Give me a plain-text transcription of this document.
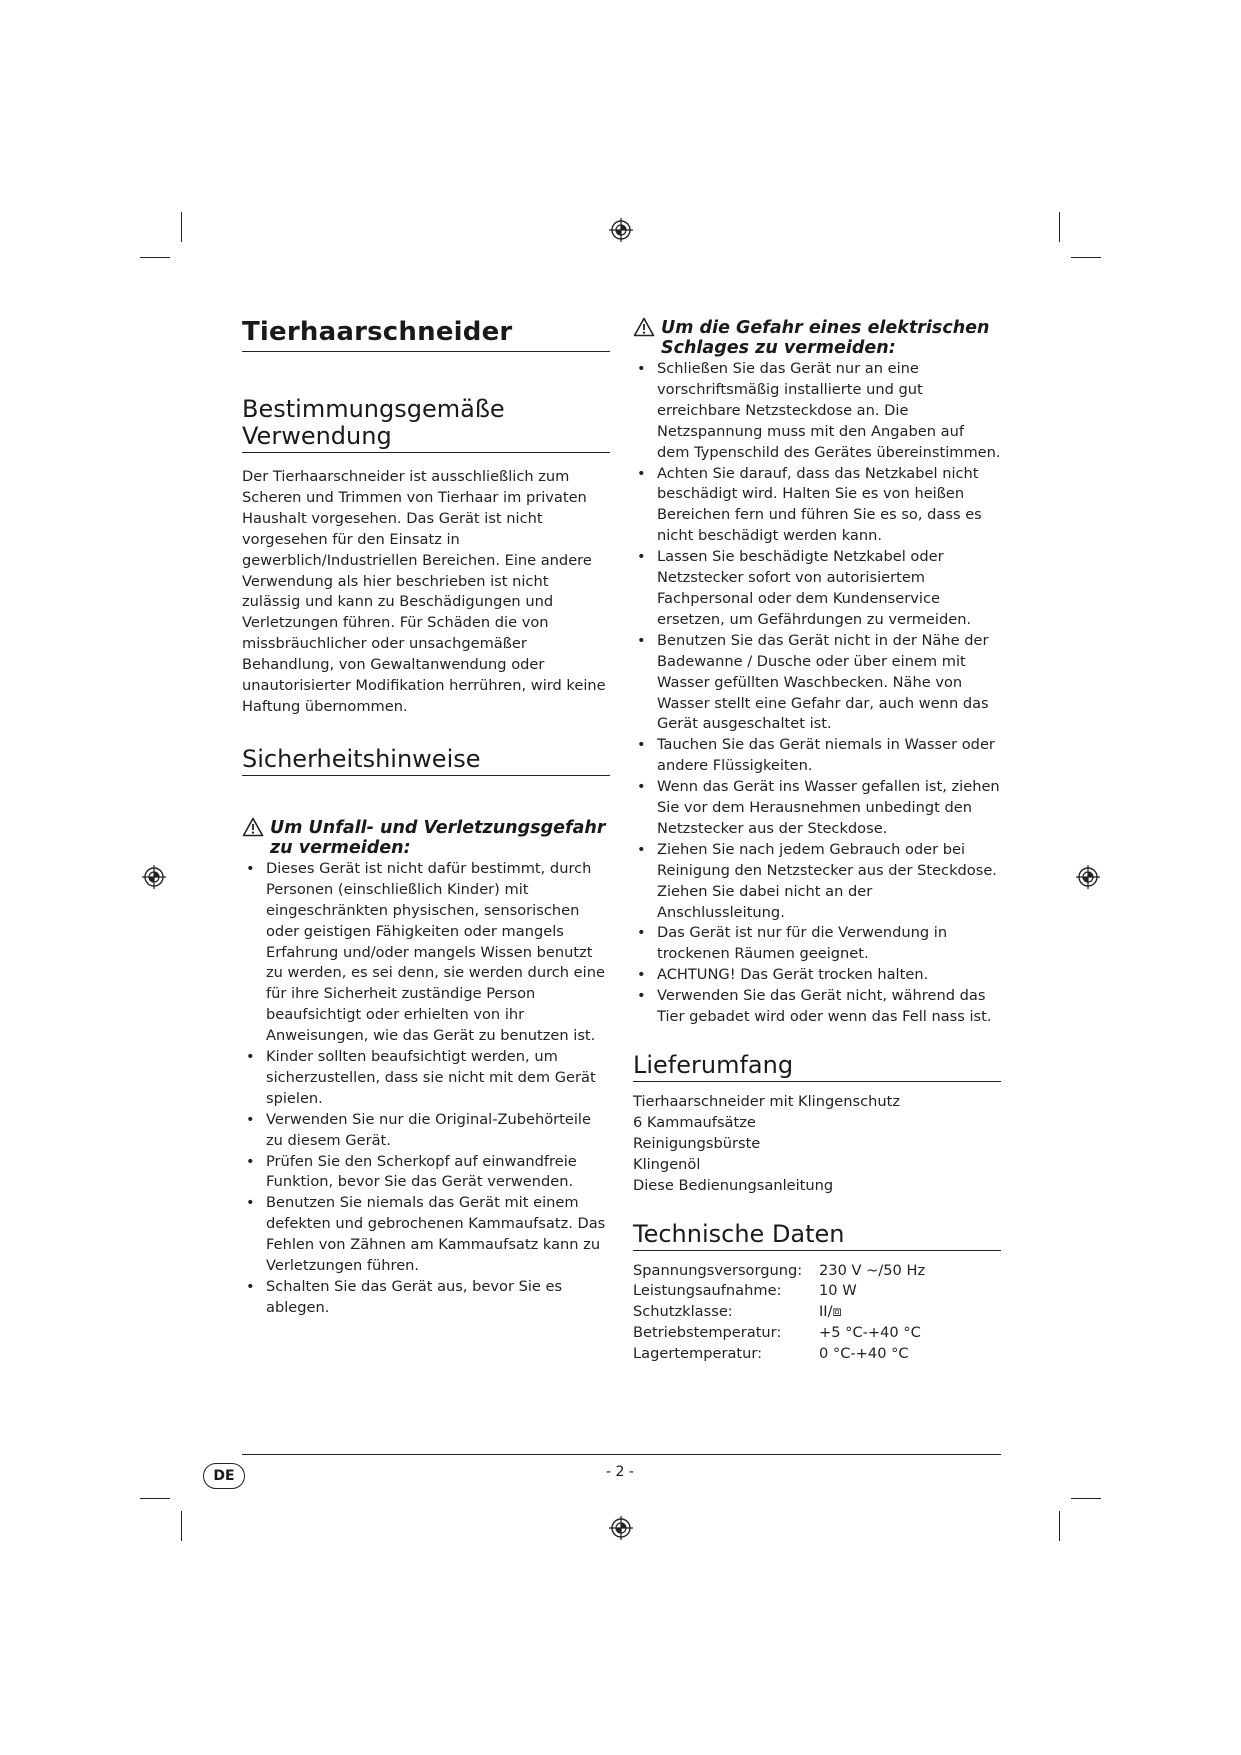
Tierhaarschneider
Bestimmungsgemäße
Verwendung

Der Tierhaarschneider ist ausschließlich zum Scheren und Trimmen von Tierhaar im privaten Haushalt vorgesehen. Das Gerät ist nicht vorgesehen für den Einsatz in gewerblich/Industriellen Bereichen. Eine andere Verwendung als hier beschrieben ist nicht zulässig und kann zu Beschädigungen und Verletzungen führen. Für Schäden die von missbräuchlicher oder unsachgemäßer Behandlung, von Gewaltanwendung oder unautorisierter Modifikation herrühren, wird keine Haftung übernommen.

Sicherheitshinweise
Um Unfall- und Verletzungsgefahr zu vermeiden:
• Dieses Gerät ist nicht dafür bestimmt, durch Personen (einschließlich Kinder) mit eingeschränkten physischen, sensorischen oder geistigen Fähigkeiten oder mangels Erfahrung und/oder mangels Wissen benutzt zu werden, es sei denn, sie werden durch eine für ihre Sicherheit zuständige Person beaufsichtigt oder erhielten von ihr Anweisungen, wie das Gerät zu benutzen ist.
• Kinder sollten beaufsichtigt werden, um sicherzustellen, dass sie nicht mit dem Gerät spielen.
• Verwenden Sie nur die Original-Zubehörteile zu diesem Gerät.
• Prüfen Sie den Scherkopf auf einwandfreie Funktion, bevor Sie das Gerät verwenden.
• Benutzen Sie niemals das Gerät mit einem defekten und gebrochenen Kammaufsatz. Das Fehlen von Zähnen am Kammaufsatz kann zu Verletzungen führen.
• Schalten Sie das Gerät aus, bevor Sie es ablegen.
Um die Gefahr eines elektrischen Schlages zu vermeiden:
• Schließen Sie das Gerät nur an eine vorschriftsmäßig installierte und gut erreichbare Netzsteckdose an. Die Netzspannung muss mit den Angaben auf dem Typenschild des Gerätes übereinstimmen.
• Achten Sie darauf, dass das Netzkabel nicht beschädigt wird. Halten Sie es von heißen Bereichen fern und führen Sie es so, dass es nicht beschädigt werden kann.
• Lassen Sie beschädigte Netzkabel oder Netzstecker sofort von autorisiertem Fachpersonal oder dem Kundenservice ersetzen, um Gefährdungen zu vermeiden.
• Benutzen Sie das Gerät nicht in der Nähe der Badewanne / Dusche oder über einem mit Wasser gefüllten Waschbecken. Nähe von Wasser stellt eine Gefahr dar, auch wenn das Gerät ausgeschaltet ist.
• Tauchen Sie das Gerät niemals in Wasser oder andere Flüssigkeiten.
• Wenn das Gerät ins Wasser gefallen ist, ziehen Sie vor dem Herausnehmen unbedingt den Netzstecker aus der Steckdose.
• Ziehen Sie nach jedem Gebrauch oder bei Reinigung den Netzstecker aus der Steckdose. Ziehen Sie dabei nicht an der Anschlussleitung.
• Das Gerät ist nur für die Verwendung in trockenen Räumen geeignet.
• ACHTUNG! Das Gerät trocken halten.
• Verwenden Sie das Gerät nicht, während das Tier gebadet wird oder wenn das Fell nass ist.
Lieferumfang
Tierhaarschneider mit Klingenschutz
6 Kammaufsätze
Reinigungsbürste
Klingenöl
Diese Bedienungsanleitung
Technische Daten
Spannungsversorgung:	230 V ∼/50 Hz
Leistungsaufnahme:	10 W
Schutzklasse:	II/⧈
Betriebstemperatur:	+5 °C-+40 °C
Lagertemperatur:	0 °C-+40 °C
DE	- 2 -
